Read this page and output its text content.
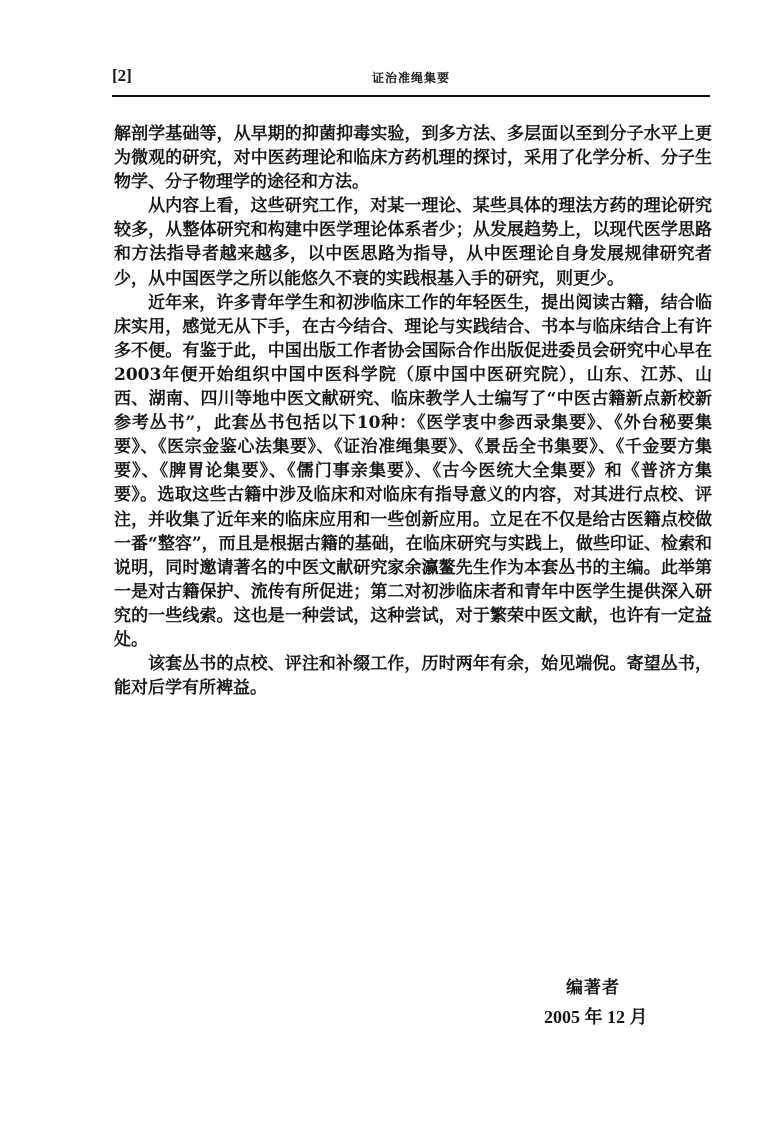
[2]	证治准绳集要

解剖学基础等，从早期的抑菌抑毒实验，到多方法、多层面以至到分子水平上更为微观的研究，对中医药理论和临床方药机理的探讨，采用了化学分析、分子生物学、分子物理学的途径和方法。

从内容上看，这些研究工作，对某一理论、某些具体的理法方药的理论研究较多，从整体研究和构建中医学理论体系者少；从发展趋势上，以现代医学思路和方法指导者越来越多，以中医思路为指导，从中医理论自身发展规律研究者少，从中国医学之所以能悠久不衰的实践根基入手的研究，则更少。

近年来，许多青年学生和初涉临床工作的年轻医生，提出阅读古籍，结合临床实用，感觉无从下手，在古今结合、理论与实践结合、书本与临床结合上有许多不便。有鉴于此，中国出版工作者协会国际合作出版促进委员会研究中心早在2003年便开始组织中国中医科学院（原中国中医研究院），山东、江苏、山西、湖南、四川等地中医文献研究、临床教学人士编写了“中医古籍新点新校新参考丛书”，此套丛书包括以下10种：《医学衷中参西录集要》、《外台秘要集要》、《医宗金鉴心法集要》、《证治准绳集要》、《景岳全书集要》、《千金要方集要》、《脾胃论集要》、《儒门事亲集要》、《古今医统大全集要》和《普济方集要》。选取这些古籍中涉及临床和对临床有指导意义的内容，对其进行点校、评注，并收集了近年来的临床应用和一些创新应用。立足在不仅是给古医籍点校做一番“整容”，而且是根据古籍的基础，在临床研究与实践上，做些印证、检索和说明，同时邀请著名的中医文献研究家余瀛鳌先生作为本套丛书的主编。此举第一是对古籍保护、流传有所促进；第二对初涉临床者和青年中医学生提供深入研究的一些线索。这也是一种尝试，这种尝试，对于繁荣中医文献，也许有一定益处。

该套丛书的点校、评注和补缀工作，历时两年有余，始见端倪。寄望丛书，能对后学有所裨益。

编著者
2005 年 12 月
